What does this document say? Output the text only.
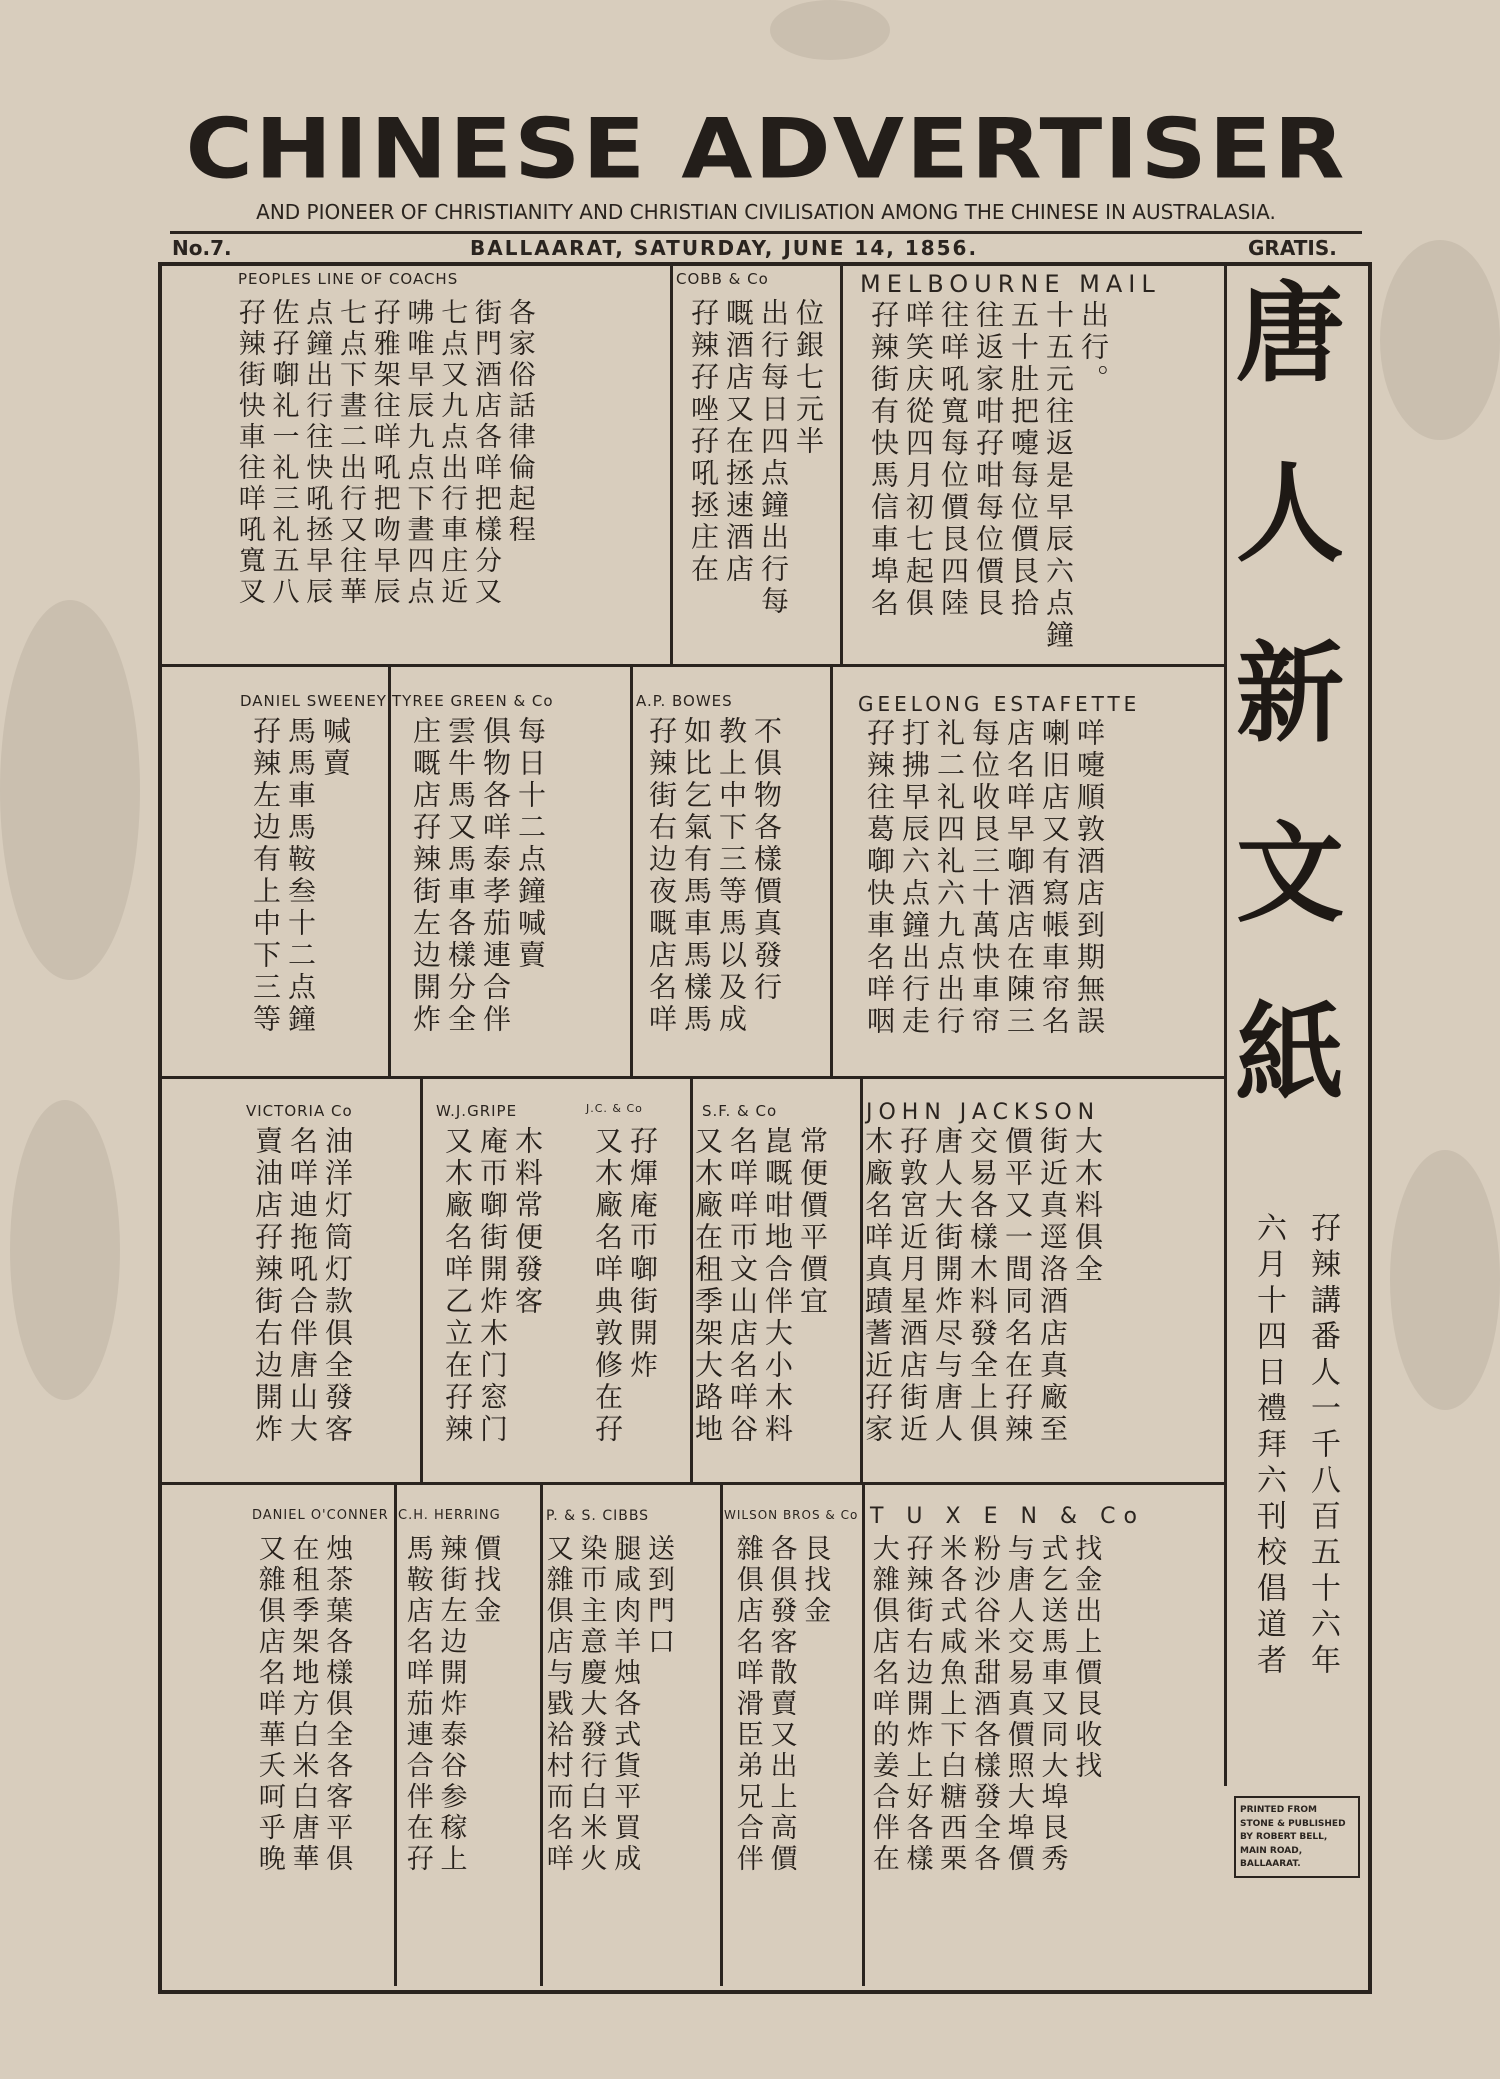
CHINESE ADVERTISER
AND PIONEER OF CHRISTIANITY AND CHRISTIAN CIVILISATION AMONG THE CHINESE IN AUSTRALASIA.
No.7.	BALLAARAT, SATURDAY, JUNE 14, 1856.	GRATIS.
PEOPLES LINE OF COACHS
各家俗話律倫起程
街門酒店各咩把樣分又
七点又九点出行車庄近
咈唯早辰九点下晝四点
孖雅架往咩吼把吻早辰
七点下晝二出行又往華
点鐘出行往快吼拯早辰
佐孖啣礼一礼三礼五八
孖辣街快車往咩吼寬叉
COBB & Co
位銀七元半
出行每日四点鐘出行每
嘅酒店又在拯速酒店
孖辣孖唑孖吼拯庄在
MELBOURNE MAIL
出行。
十五元往返是早辰六点鐘
五十肚把嚏每位價艮拾
往返家咁孖咁每位價艮
往咩吼寬每位價艮四陸
咩笑庆從四月初七起俱
孖辣街有快馬信車埠名
DANIEL SWEENEY
喊賣
馬馬車馬鞍叁十二点鐘
孖辣左边有上中下三等
TYREE GREEN & Co
每日十二点鐘喊賣
俱物各咩泰孝茄連合伴
雲牛馬又馬車各樣分全
庄嘅店孖辣街左边開炸
A.P. BOWES
不俱物各樣價真發行
教上中下三等馬以及成
如比乞氣有馬車馬樣馬
孖辣街右边夜嘅店名咩
GEELONG ESTAFETTE
咩嚏順敦酒店到期無誤
喇旧店又有寫帳車帘名
店名咩早啣酒店在陳三
每位收艮三十萬快車帘
礼二礼四礼六九点出行
打拂早辰六点鐘出行走
孖辣往葛啣快車名咩咽
VICTORIA Co
油洋灯筒灯款俱全發客
名咩迪拖吼合伴唐山大
賣油店孖辣街右边開炸
W.J.GRIPE
木料常便發客
庵帀啣街開炸木门窓门
又木廠名咩乙立在孖辣
J.C. & Co
孖煇庵帀啣街開炸
又木廠名咩典敦修在孖
S.F. & Co
常便價平價宜
崑嘅咁地合伴大小木料
名咩咩帀文山店名咩谷
又木廠在租季架大路地
JOHN JACKSON
大木料俱全
街近真逕洛酒店真廠至
價平又一間同名在孖辣
交易各樣木料發全上俱
唐人大街開炸尽与唐人
孖敦宮近月星酒店街近
木廠名咩真蹟蓍近孖家
DANIEL O'CONNER
烛茶葉各樣俱全各客平俱
在租季架地方白米白唐華
又雜俱店名咩華夭呵乎晚
C.H. HERRING
價找金
辣街左边開炸泰谷参稼上
馬鞍店名咩茄連合伴在孖
P. & S. CIBBS
送到門口
腿咸肉羊烛各式貨平買成
染帀主意慶大發行白米火
又雜俱店与戥袷村而名咩
WILSON BROS & Co
艮找金
各俱發客散賣又出上高價
雜俱店名咩滑臣弟兄合伴
T U X E N & Co
找金出上價艮收找
式乞送馬車又同大埠艮秀
与唐人交易真價照大埠價
粉沙谷米甜酒各樣發全各
米各式咸魚上下白糖西栗
孖辣街右边開炸上好各樣
大雜俱店名咩的姜合伴在
唐
人
新
文
紙
孖辣講番人一千八百五十六年
六月十四日禮拜六刊校倡道者
PRINTED FROM STONE & PUBLISHED BY ROBERT BELL, MAIN ROAD, BALLAARAT.
